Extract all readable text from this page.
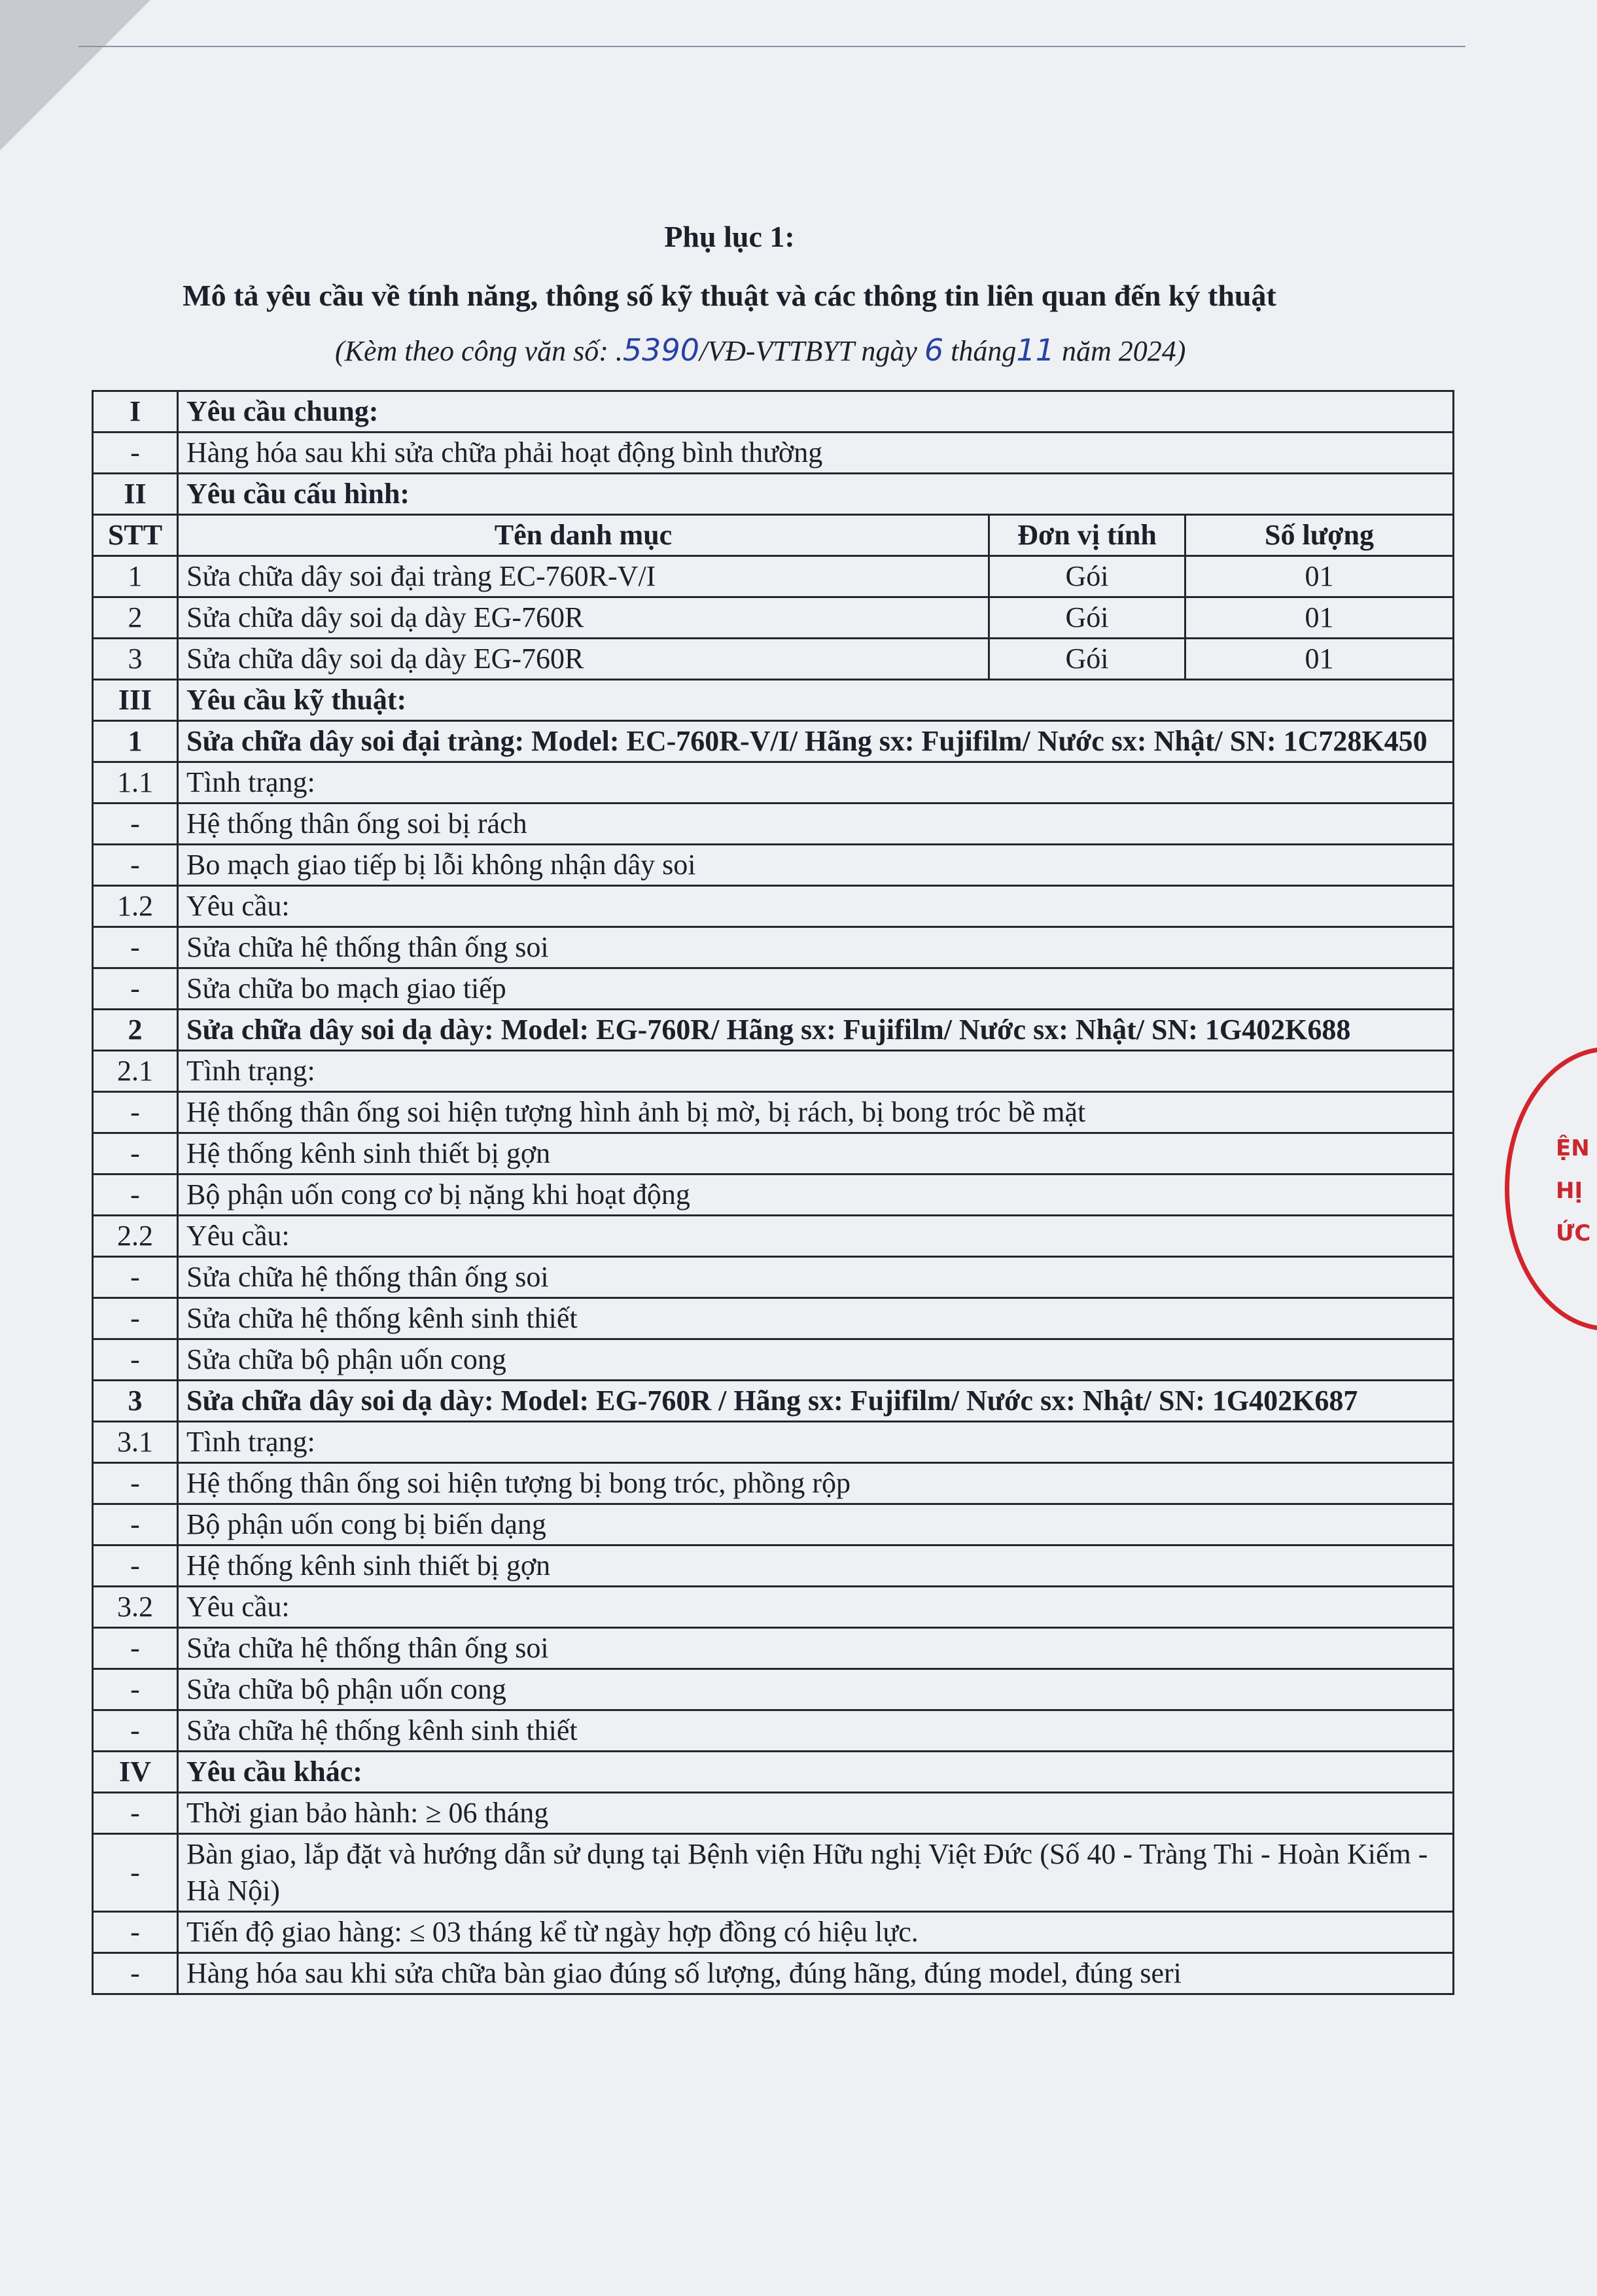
Phụ lục 1:
Mô tả yêu cầu về tính năng, thông số kỹ thuật và các thông tin liên quan đến ký thuật
(Kèm theo công văn số: .5390/VĐ-VTTBYT ngày 6 tháng11 năm 2024)
I	Yêu cầu chung:		
-	Hàng hóa sau khi sửa chữa phải hoạt động bình thường		
II	Yêu cầu cấu hình:		
STT	Tên danh mục	Đơn vị tính	Số lượng
1	Sửa chữa dây soi đại tràng EC-760R-V/I	Gói	01
2	Sửa chữa dây soi dạ dày EG-760R	Gói	01
3	Sửa chữa dây soi dạ dày EG-760R	Gói	01
III	Yêu cầu kỹ thuật:		
1	Sửa chữa dây soi đại tràng: Model: EC-760R-V/I/ Hãng sx: Fujifilm/ Nước sx: Nhật/ SN: 1C728K450		
1.1	Tình trạng:		
-	Hệ thống thân ống soi bị rách		
-	Bo mạch giao tiếp bị lỗi không nhận dây soi		
1.2	Yêu cầu:		
-	Sửa chữa hệ thống thân ống soi		
-	Sửa chữa bo mạch giao tiếp		
2	Sửa chữa dây soi dạ dày: Model: EG-760R/ Hãng sx: Fujifilm/ Nước sx: Nhật/ SN: 1G402K688		
2.1	Tình trạng:		
-	Hệ thống thân ống soi hiện tượng hình ảnh bị mờ, bị rách, bị bong tróc bề mặt		
-	Hệ thống kênh sinh thiết bị gợn		
-	Bộ phận uốn cong cơ bị nặng khi hoạt động		
2.2	Yêu cầu:		
-	Sửa chữa hệ thống thân ống soi		
-	Sửa chữa hệ thống kênh sinh thiết		
-	Sửa chữa bộ phận uốn cong		
3	Sửa chữa dây soi dạ dày: Model: EG-760R / Hãng sx: Fujifilm/ Nước sx: Nhật/ SN: 1G402K687		
3.1	Tình trạng:		
-	Hệ thống thân ống soi hiện tượng bị bong tróc, phồng rộp		
-	Bộ phận uốn cong bị biến dạng		
-	Hệ thống kênh sinh thiết bị gợn		
3.2	Yêu cầu:		
-	Sửa chữa hệ thống thân ống soi		
-	Sửa chữa bộ phận uốn cong		
-	Sửa chữa hệ thống kênh sinh thiết		
IV	Yêu cầu khác:		
-	Thời gian bảo hành: ≥ 06 tháng		
-	Bàn giao, lắp đặt và hướng dẫn sử dụng tại Bệnh viện Hữu nghị Việt Đức (Số 40 - Tràng Thi - Hoàn Kiếm - Hà Nội)		
-	Tiến độ giao hàng: ≤ 03 tháng kể từ ngày hợp đồng có hiệu lực.		
-	Hàng hóa sau khi sửa chữa bàn giao đúng số lượng, đúng hãng, đúng model, đúng seri		
ỆN
HỊ
ỨC
